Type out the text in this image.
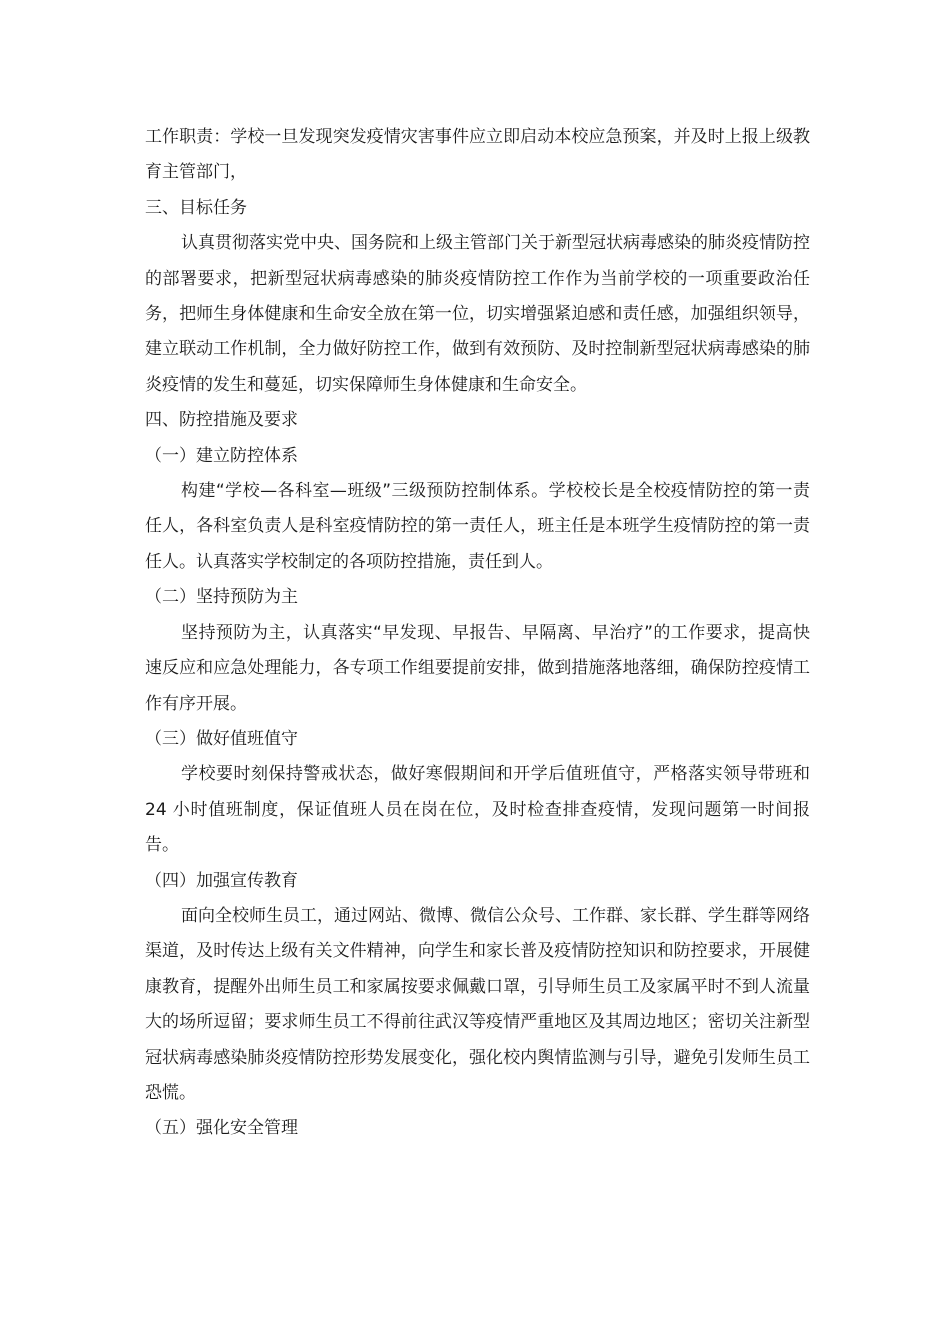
工作职责：学校一旦发现突发疫情灾害事件应立即启动本校应急预案，并及时上报上级教育主管部门，

三、目标任务

认真贯彻落实党中央、国务院和上级主管部门关于新型冠状病毒感染的肺炎疫情防控的部署要求，把新型冠状病毒感染的肺炎疫情防控工作作为当前学校的一项重要政治任务，把师生身体健康和生命安全放在第一位，切实增强紧迫感和责任感，加强组织领导，建立联动工作机制，全力做好防控工作，做到有效预防、及时控制新型冠状病毒感染的肺炎疫情的发生和蔓延，切实保障师生身体健康和生命安全。

四、防控措施及要求

（一）建立防控体系

构建“学校—各科室—班级”三级预防控制体系。学校校长是全校疫情防控的第一责任人，各科室负责人是科室疫情防控的第一责任人，班主任是本班学生疫情防控的第一责任人。认真落实学校制定的各项防控措施，责任到人。

（二）坚持预防为主

坚持预防为主，认真落实“早发现、早报告、早隔离、早治疗”的工作要求，提高快速反应和应急处理能力，各专项工作组要提前安排，做到措施落地落细，确保防控疫情工作有序开展。

（三）做好值班值守

学校要时刻保持警戒状态，做好寒假期间和开学后值班值守，严格落实领导带班和 24 小时值班制度，保证值班人员在岗在位，及时检查排查疫情，发现问题第一时间报告。

（四）加强宣传教育

面向全校师生员工，通过网站、微博、微信公众号、工作群、家长群、学生群等网络渠道，及时传达上级有关文件精神，向学生和家长普及疫情防控知识和防控要求，开展健康教育，提醒外出师生员工和家属按要求佩戴口罩，引导师生员工及家属平时不到人流量大的场所逗留；要求师生员工不得前往武汉等疫情严重地区及其周边地区；密切关注新型冠状病毒感染肺炎疫情防控形势发展变化，强化校内舆情监测与引导，避免引发师生员工恐慌。

（五）强化安全管理
